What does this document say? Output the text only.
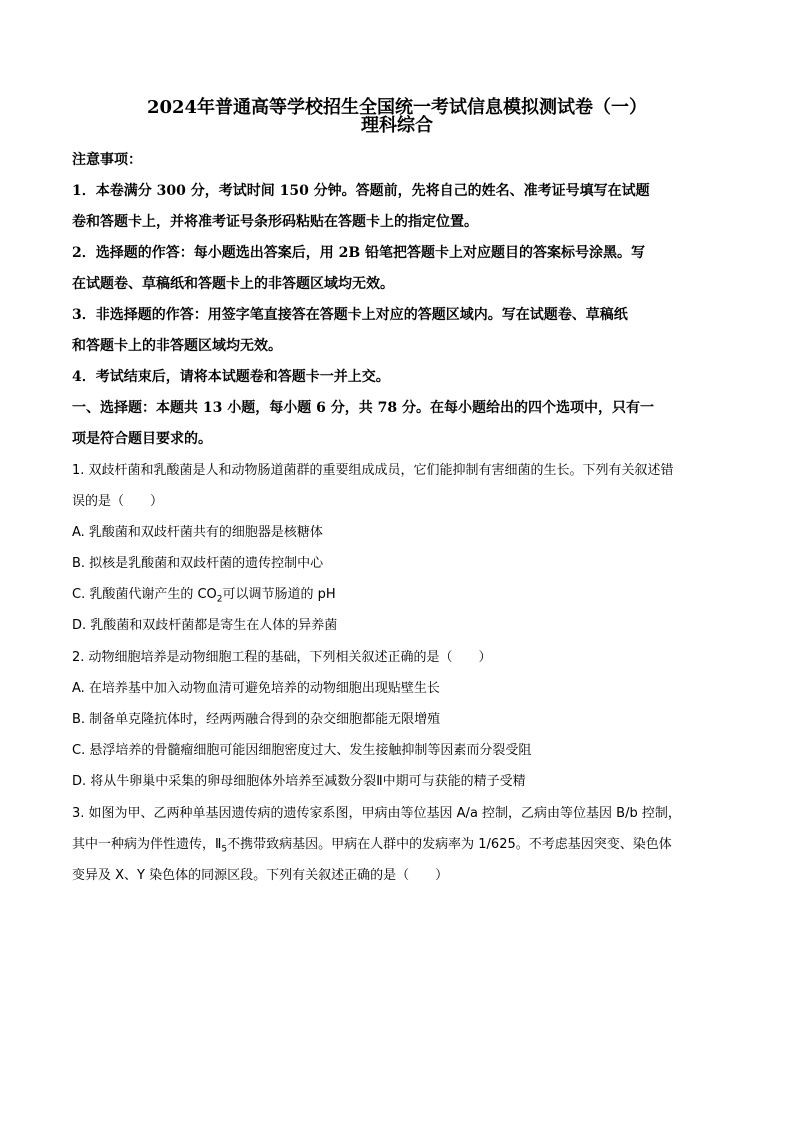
2024年普通高等学校招生全国统一考试信息模拟测试卷（一）
理科综合
注意事项：
1．本卷满分 300 分，考试时间 150 分钟。答题前，先将自己的姓名、准考证号填写在试题
卷和答题卡上，并将准考证号条形码粘贴在答题卡上的指定位置。
2．选择题的作答：每小题选出答案后，用 2B 铅笔把答题卡上对应题目的答案标号涂黑。写
在试题卷、草稿纸和答题卡上的非答题区域均无效。
3．非选择题的作答：用签字笔直接答在答题卡上对应的答题区域内。写在试题卷、草稿纸
和答题卡上的非答题区域均无效。
4．考试结束后，请将本试题卷和答题卡一并上交。
一、选择题：本题共 13 小题，每小题 6 分，共 78 分。在每小题给出的四个选项中，只有一
项是符合题目要求的。
1. 双歧杆菌和乳酸菌是人和动物肠道菌群的重要组成成员，它们能抑制有害细菌的生长。下列有关叙述错
误的是（　　）
A. 乳酸菌和双歧杆菌共有的细胞器是核糖体
B. 拟核是乳酸菌和双歧杆菌的遗传控制中心
C. 乳酸菌代谢产生的 $CO_2$可以调节肠道的 pH
D. 乳酸菌和双歧杆菌都是寄生在人体的异养菌
2. 动物细胞培养是动物细胞工程的基础，下列相关叙述正确的是（　　）
A. 在培养基中加入动物血清可避免培养的动物细胞出现贴壁生长
B. 制备单克隆抗体时，经两两融合得到的杂交细胞都能无限增殖
C. 悬浮培养的骨髓瘤细胞可能因细胞密度过大、发生接触抑制等因素而分裂受阻
D. 将从牛卵巢中采集的卵母细胞体外培养至减数分裂Ⅱ中期可与获能的精子受精
3. 如图为甲、乙两种单基因遗传病的遗传家系图，甲病由等位基因 A/a 控制，乙病由等位基因 B/b 控制，
其中一种病为伴性遗传，$Ⅱ_5$不携带致病基因。甲病在人群中的发病率为 1/625。不考虑基因突变、染色体
变异及 X、Y 染色体的同源区段。下列有关叙述正确的是（　　）
